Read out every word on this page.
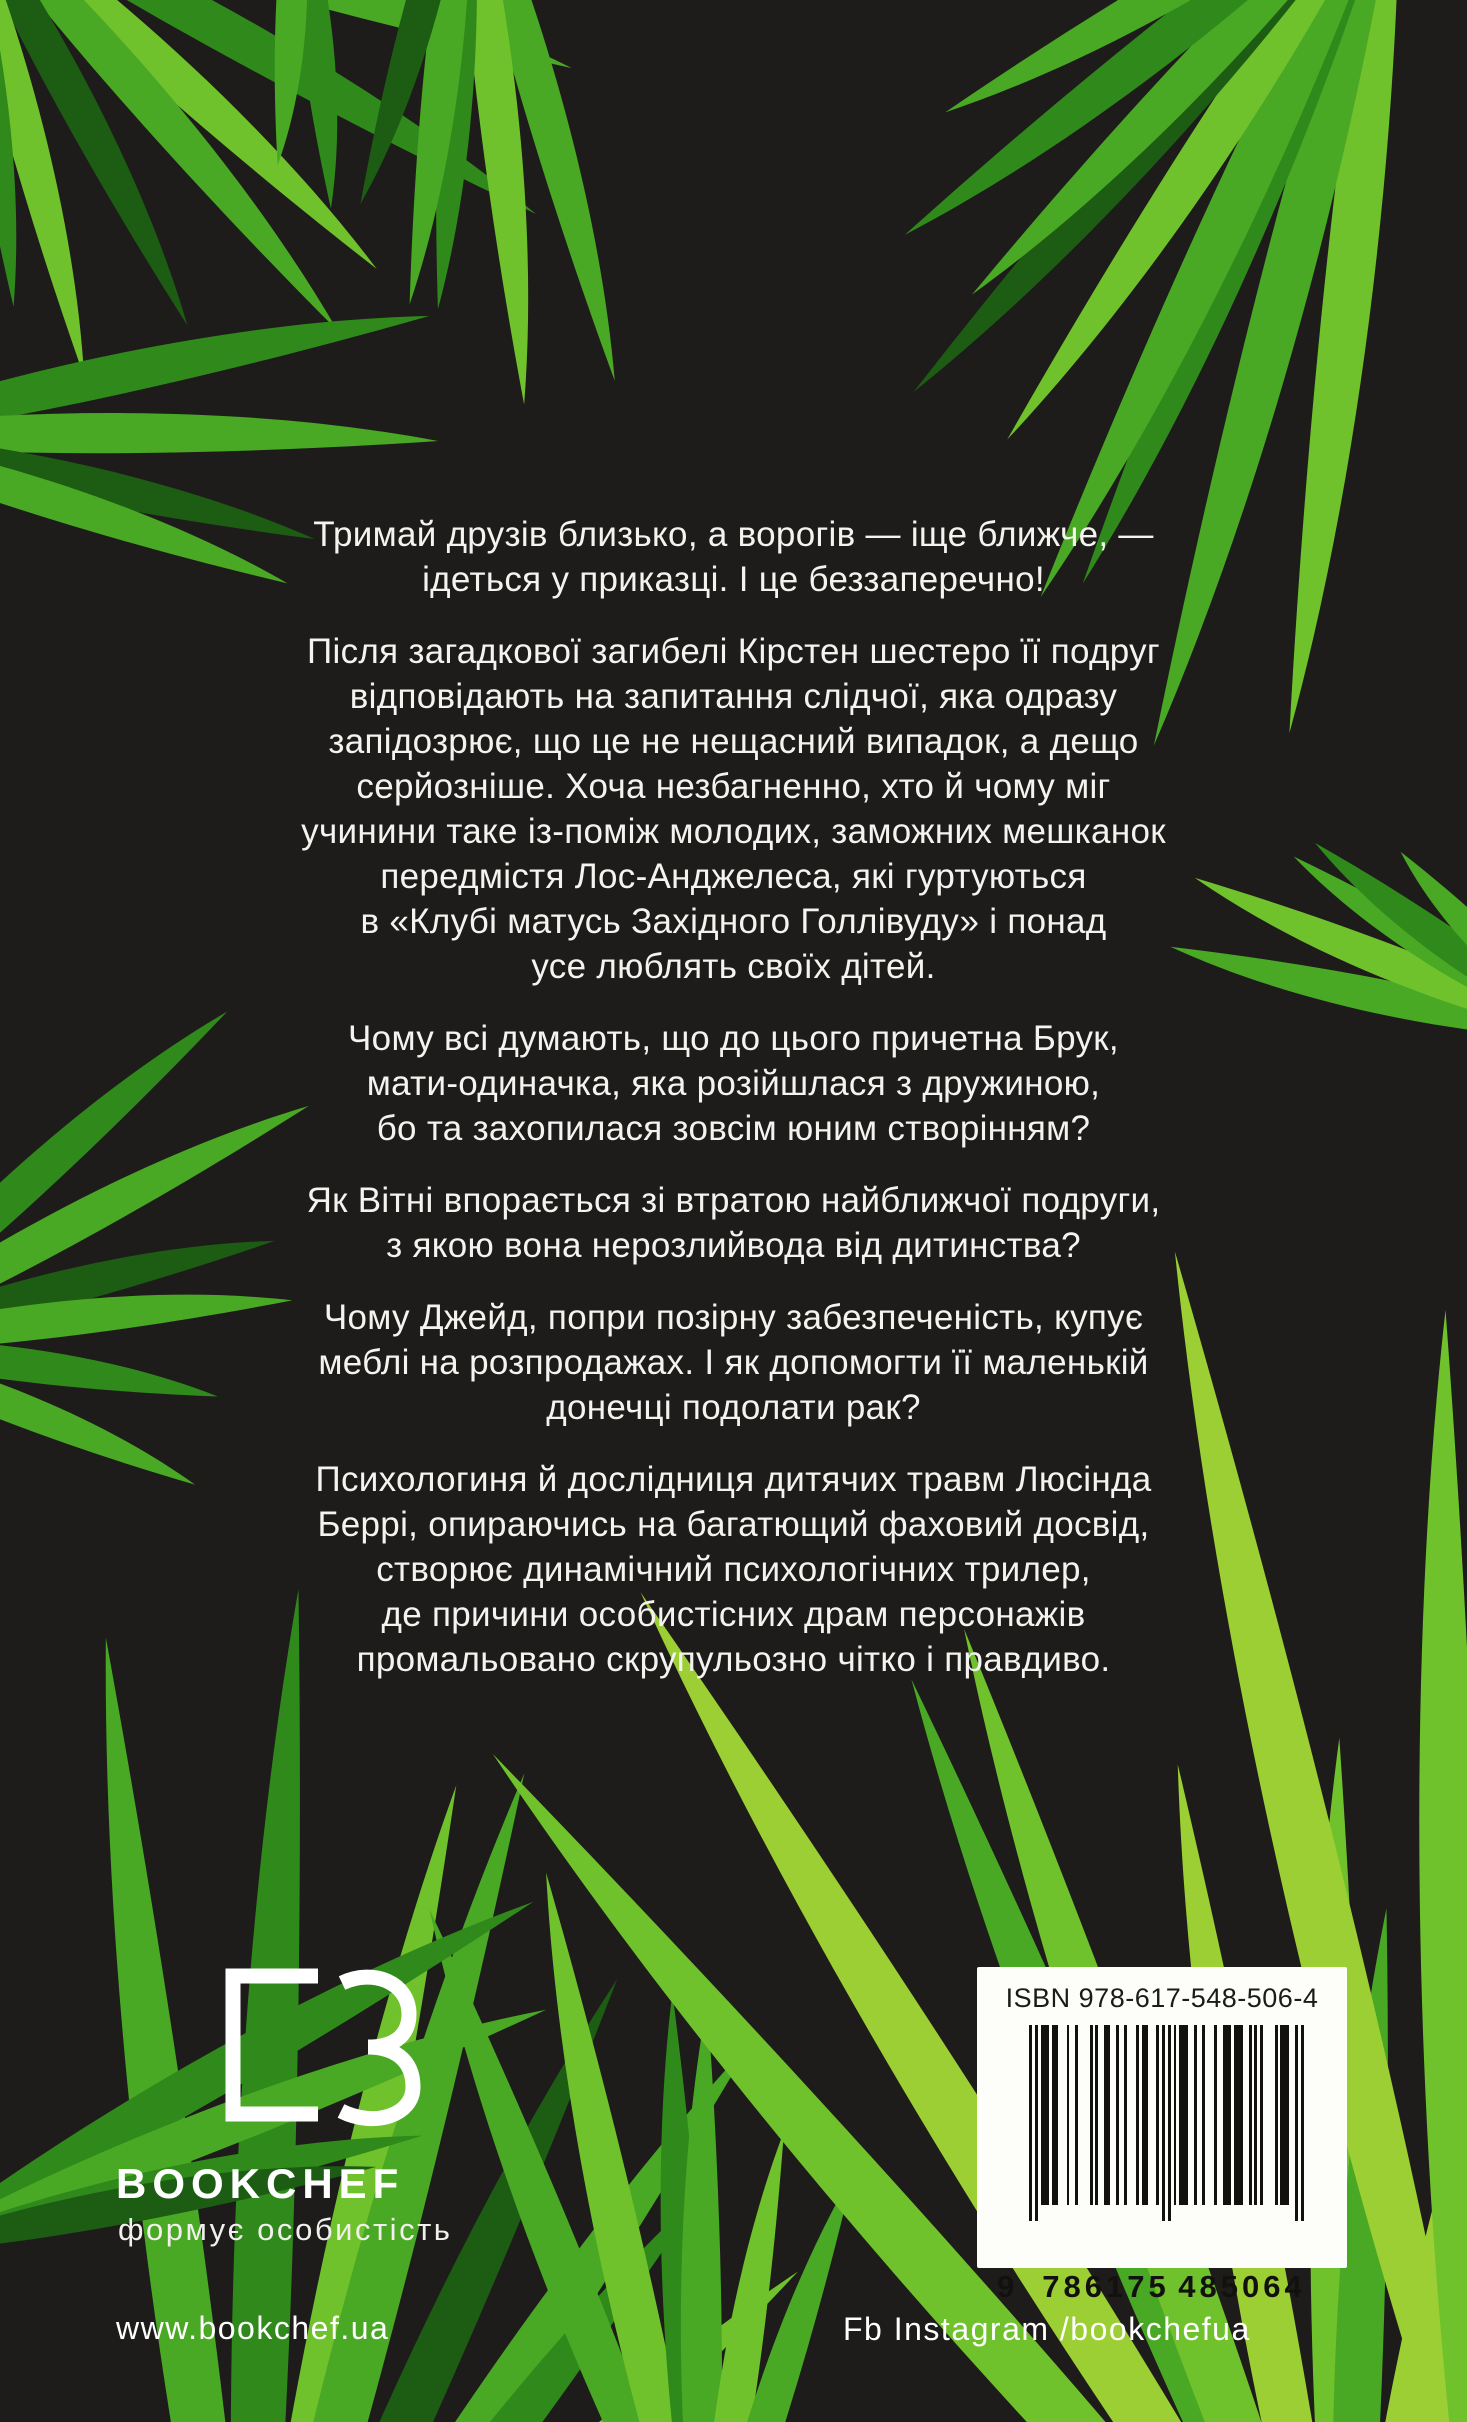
Тримай друзів близько, а ворогів — іще ближче, —
ідеться у приказці. І це беззаперечно!

Після загадкової загибелі Кірстен шестеро її подруг
відповідають на запитання слідчої, яка одразу
запідозрює, що це не нещасний випадок, а дещо
серйозніше. Хоча незбагненно, хто й чому міг
учинини таке із-поміж молодих, заможних мешканок
передмістя Лос-Анджелеса, які гуртуються
в «Клубі матусь Західного Голлівуду» і понад
усе люблять своїх дітей.

Чому всі думають, що до цього причетна Брук,
мати-одиначка, яка розійшлася з дружиною,
бо та захопилася зовсім юним створінням?

Як Вітні впорається зі втратою найближчої подруги,
з якою вона нерозлийвода від дитинства?

Чому Джейд, попри позірну забезпеченість, купує
меблі на розпродажах. І як допомогти її маленькій
донечці подолати рак?

Психологиня й дослідниця дитячих травм Люсінда
Беррі, опираючись на багатющий фаховий досвід,
створює динамічний психологічних трилер,
де причини особистісних драм персонажів
промальовано скрупульозно чітко і правдиво.

BOOKCHEF
формує особистість
www.bookchef.ua	Fb Instagram /bookchefua
ISBN 978-617-548-506-4
9 786175 485064
